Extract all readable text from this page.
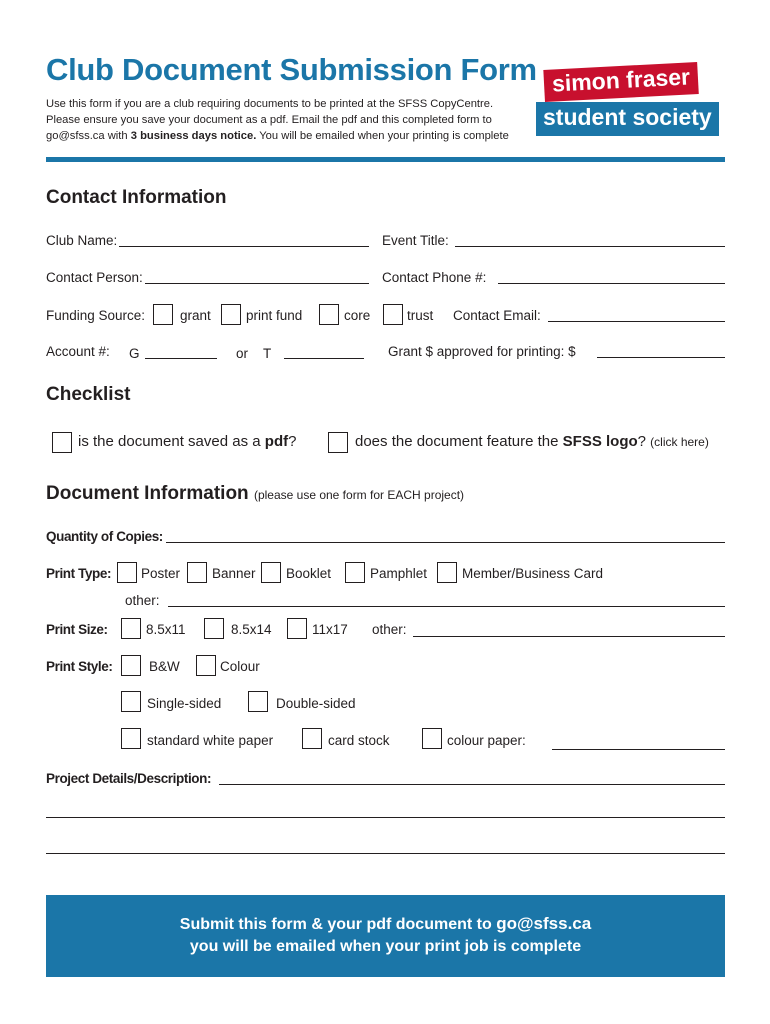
Club Document Submission Form
Use this form if you are a club requiring documents to be printed at the SFSS CopyCentre.
Please ensure you save your document as a pdf. Email the pdf and this completed form to
go@sfss.ca with 3 business days notice. You will be emailed when your printing is complete
simon fraser
student society
Contact Information
Club Name:	Event Title:
Contact Person:	Contact Phone #:
Funding Source:	grant	print fund	core	trust Contact Email:
Account #: G	or T	Grant $ approved for printing: $
Checklist
is the document saved as a pdf?	does the document feature the SFSS logo? (click here)
Document Information (please use one form for EACH project)
Quantity of Copies:
Print Type: Poster Banner Booklet	Pamphlet	Member/Business Card
other:
Print Size:	8.5x11	8.5x14	11x17 other:
Print Style:	B&W	Colour
Single-sided	Double-sided
standard white paper	card stock	colour paper:
Project Details/Description:
Submit this form & your pdf document to go@sfss.ca
you will be emailed when your print job is complete
